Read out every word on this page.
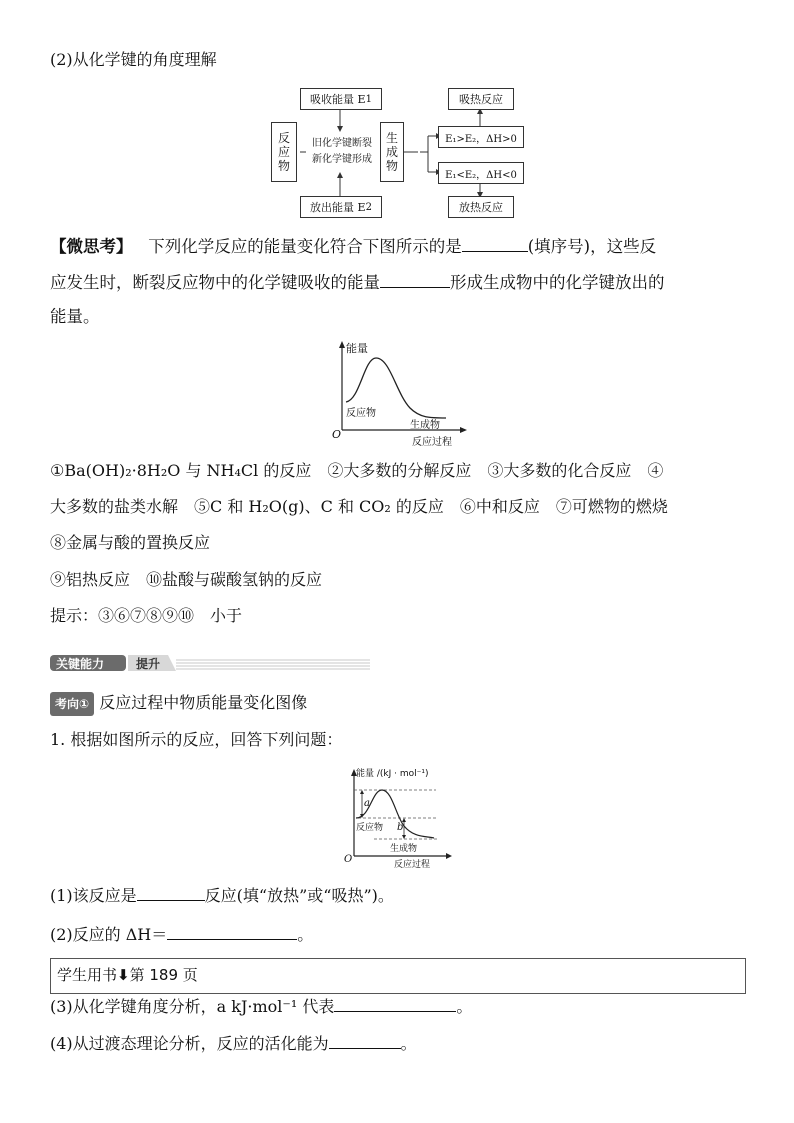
(2)从化学键的角度理解
吸收能量 E 1
放出能量 E 2
反
应
物
旧化学键断裂
新化学键形成
生
成
物
吸热反应
E₁>E₂，ΔH>0
E₁<E₂，ΔH<0
放热反应
【微思考】 下列化学反应的能量变化符合下图所示的是	(填序号)，这些反
应发生时，断裂反应物中的化学键吸收的能量	形成生成物中的化学键放出的
能量。
能量
O
反应物
生成物
反应过程
①Ba(OH)₂·8H₂O 与 NH₄Cl 的反应　②大多数的分解反应　③大多数的化合反应　④
大多数的盐类水解　⑤C 和 H₂O(g)、C 和 CO₂ 的反应　⑥中和反应　⑦可燃物的燃烧
⑧金属与酸的置换反应
⑨铝热反应　⑩盐酸与碳酸氢钠的反应
提示：③⑥⑦⑧⑨⑩　小于
关键能力	提升
考向① 反应过程中物质能量变化图像
1. 根据如图所示的反应，回答下列问题：
能量 /(kJ · mol⁻¹)
a
b
反应物
生成物
O	反应过程
(1)该反应是	反应(填“放热”或“吸热”)。
(2)反应的 ΔH＝	。
学生用书⬇第 189 页
(3)从化学键角度分析，a kJ·mol⁻¹ 代表	。
(4)从过渡态理论分析，反应的活化能为	。
